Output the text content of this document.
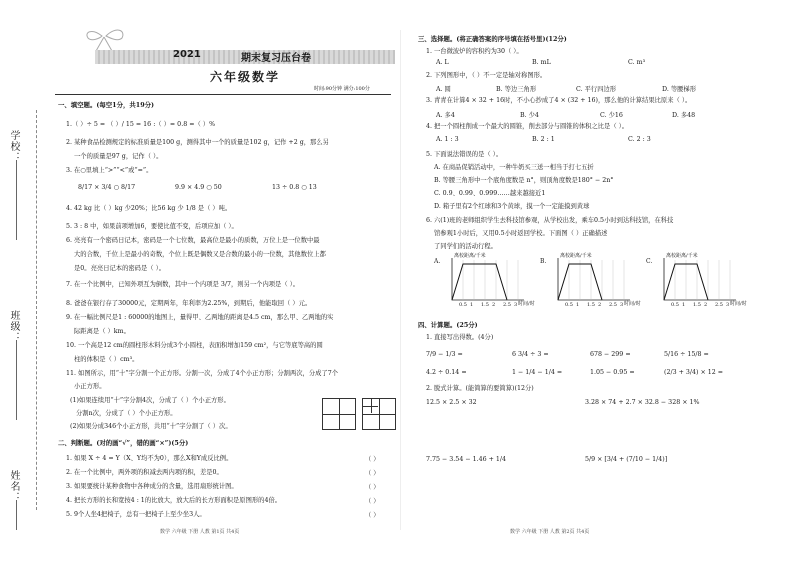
学校：
班级：
姓名：
2021	期末复习压台卷
六年级数学
时间:90分钟 满分:100分
一、填空题。(每空1分，共19分)
1.（ ）÷ 5 = （ ）/ 15 = 16 :（ ）= 0.8 =（ ）%
2. 某种食品检测规定的标准质量是100 g，测得其中一个的质量是102 g，记作 +2 g，那么另
一个的质量是97 g，记作（ ）。
3. 在○里填上“>”“<”或“=”。
8/17 × 3/4 ○ 8/17	9.9 × 4.9 ○ 50	13 ÷ 0.8 ○ 13
4. 42 kg 比（ ）kg 少20%；比56 kg 少 1/8 是（ ）吨。
5. 3 : 8 中，如果前项增加6，要使比值不变，后项应加（ ）。
6. 亮亮有一个密码日记本，密码是一个七位数，最高位是最小的质数，万位上是一位数中最
大的合数，千位上是最小的奇数，个位上既是偶数又是合数的最小的一位数，其他数位上都
是0。亮亮日记本的密码是（ ）。
7. 在一个比例中，已知外项互为倒数，其中一个内项是 3/7，则另一个内项是（ ）。
8. 爸爸在银行存了30000元，定期两年，年利率为2.25%，到期后，他能取回（ ）元。
9. 在一幅比例尺是1 : 60000的地图上，量得甲、乙两地的距离是4.5 cm，那么甲、乙两地的实
际距离是（ ）km。
10. 一个高是12 cm的圆柱形木料分成3个小圆柱，表面积增加159 cm²，与它等底等高的圆
柱的体积是（ ）cm³。
11. 如图所示，用“十”字分割一个正方形。分割一次，分成了4个小正方形；分割两次，分成了7个
小正方形。
(1)如果连续用“十”字分割4次，分成了（ ）个小正方形。
分割n次，分成了（ ）个小正方形。
(2)如果分成346个小正方形，共用“十”字分割了（ ）次。
二、判断题。(对的画“√”，错的画“×”)(5分)
1. 如果 X ÷ 4 = Y（X、Y均不为0），那么X和Y成反比例。	（ ）
2. 在一个比例中，两外项的积减去两内项的积，差是0。	（ ）
3. 如果要统计某种食物中各种成分的含量，选用扇形统计图。	（ ）
4. 把长方形的长和宽按4 : 1的比放大，放大后的长方形面积是原图形的4倍。	（ ）
5. 9个人坐4把椅子，总有一把椅子上至少坐3人。	（ ）
数学 六年级 下册 人教 第1页 共4页
三、选择题。(将正确答案的序号填在括号里)(12分)
1. 一台微波炉的容积约为30（ ）。
A. L	B. mL	C. m³
2. 下列图形中，（ ）不一定是轴对称图形。
A. 圆	B. 等边三角形	C. 平行四边形	D. 等腰梯形
3. 青青在计算4 × 32 + 16时，不小心抄成了4 × (32 + 16)，那么他的计算结果比原来（ ）。
A. 多4	B. 少4	C. 少16	D. 多48
4. 把一个圆柱削成一个最大的圆锥，削去部分与圆锥的体积之比是（ ）。
A. 1 : 3	B. 2 : 1	C. 2 : 3
5. 下面说法错误的是（ ）。
A. 在商品促销活动中，一种牛奶买三送一相当于打七五折
B. 等腰三角形中一个底角度数是 n°，则顶角度数是180° − 2n°
C. 0.9、0.99、0.999……越来越接近1
D. 箱子里有2个红球和3个黄球，摸一个一定能摸到黄球
6. 六(1)班的老师组织学生去科技馆参观，从学校出发，乘车0.5小时到达科技馆，在科技
馆参观1小时后，又用0.5小时返回学校。下面图（ ）正确描述
了同学们的活动行程。
A.
离校距离/千米
时间/时
0.5 1 1.5 2 2.5 3
B.
离校距离/千米
时间/时
0.5 1 1.5 2 2.5 3
C.
离校距离/千米
时间/时
0.5 1 1.5 2 2.5 3
四、计算题。(25分)
1. 直接写出得数。(4分)
7/9 − 1/3 =	6 3/4 ÷ 3 =	678 − 299 =	5/16 ÷ 15/8 =
4.2 ÷ 0.14 =	1 − 1/4 − 1/4 =	1.05 − 0.95 =	(2/3 + 3/4) × 12 =
2. 脱式计算。(能简算的要简算)(12分)
12.5 × 2.5 × 32	3.28 × 74 + 2.7 × 32.8 − 328 × 1%
7.75 − 3.54 − 1.46 + 1/4	5/9 × [3/4 + (7/10 − 1/4)]
数学 六年级 下册 人教 第2页 共4页
